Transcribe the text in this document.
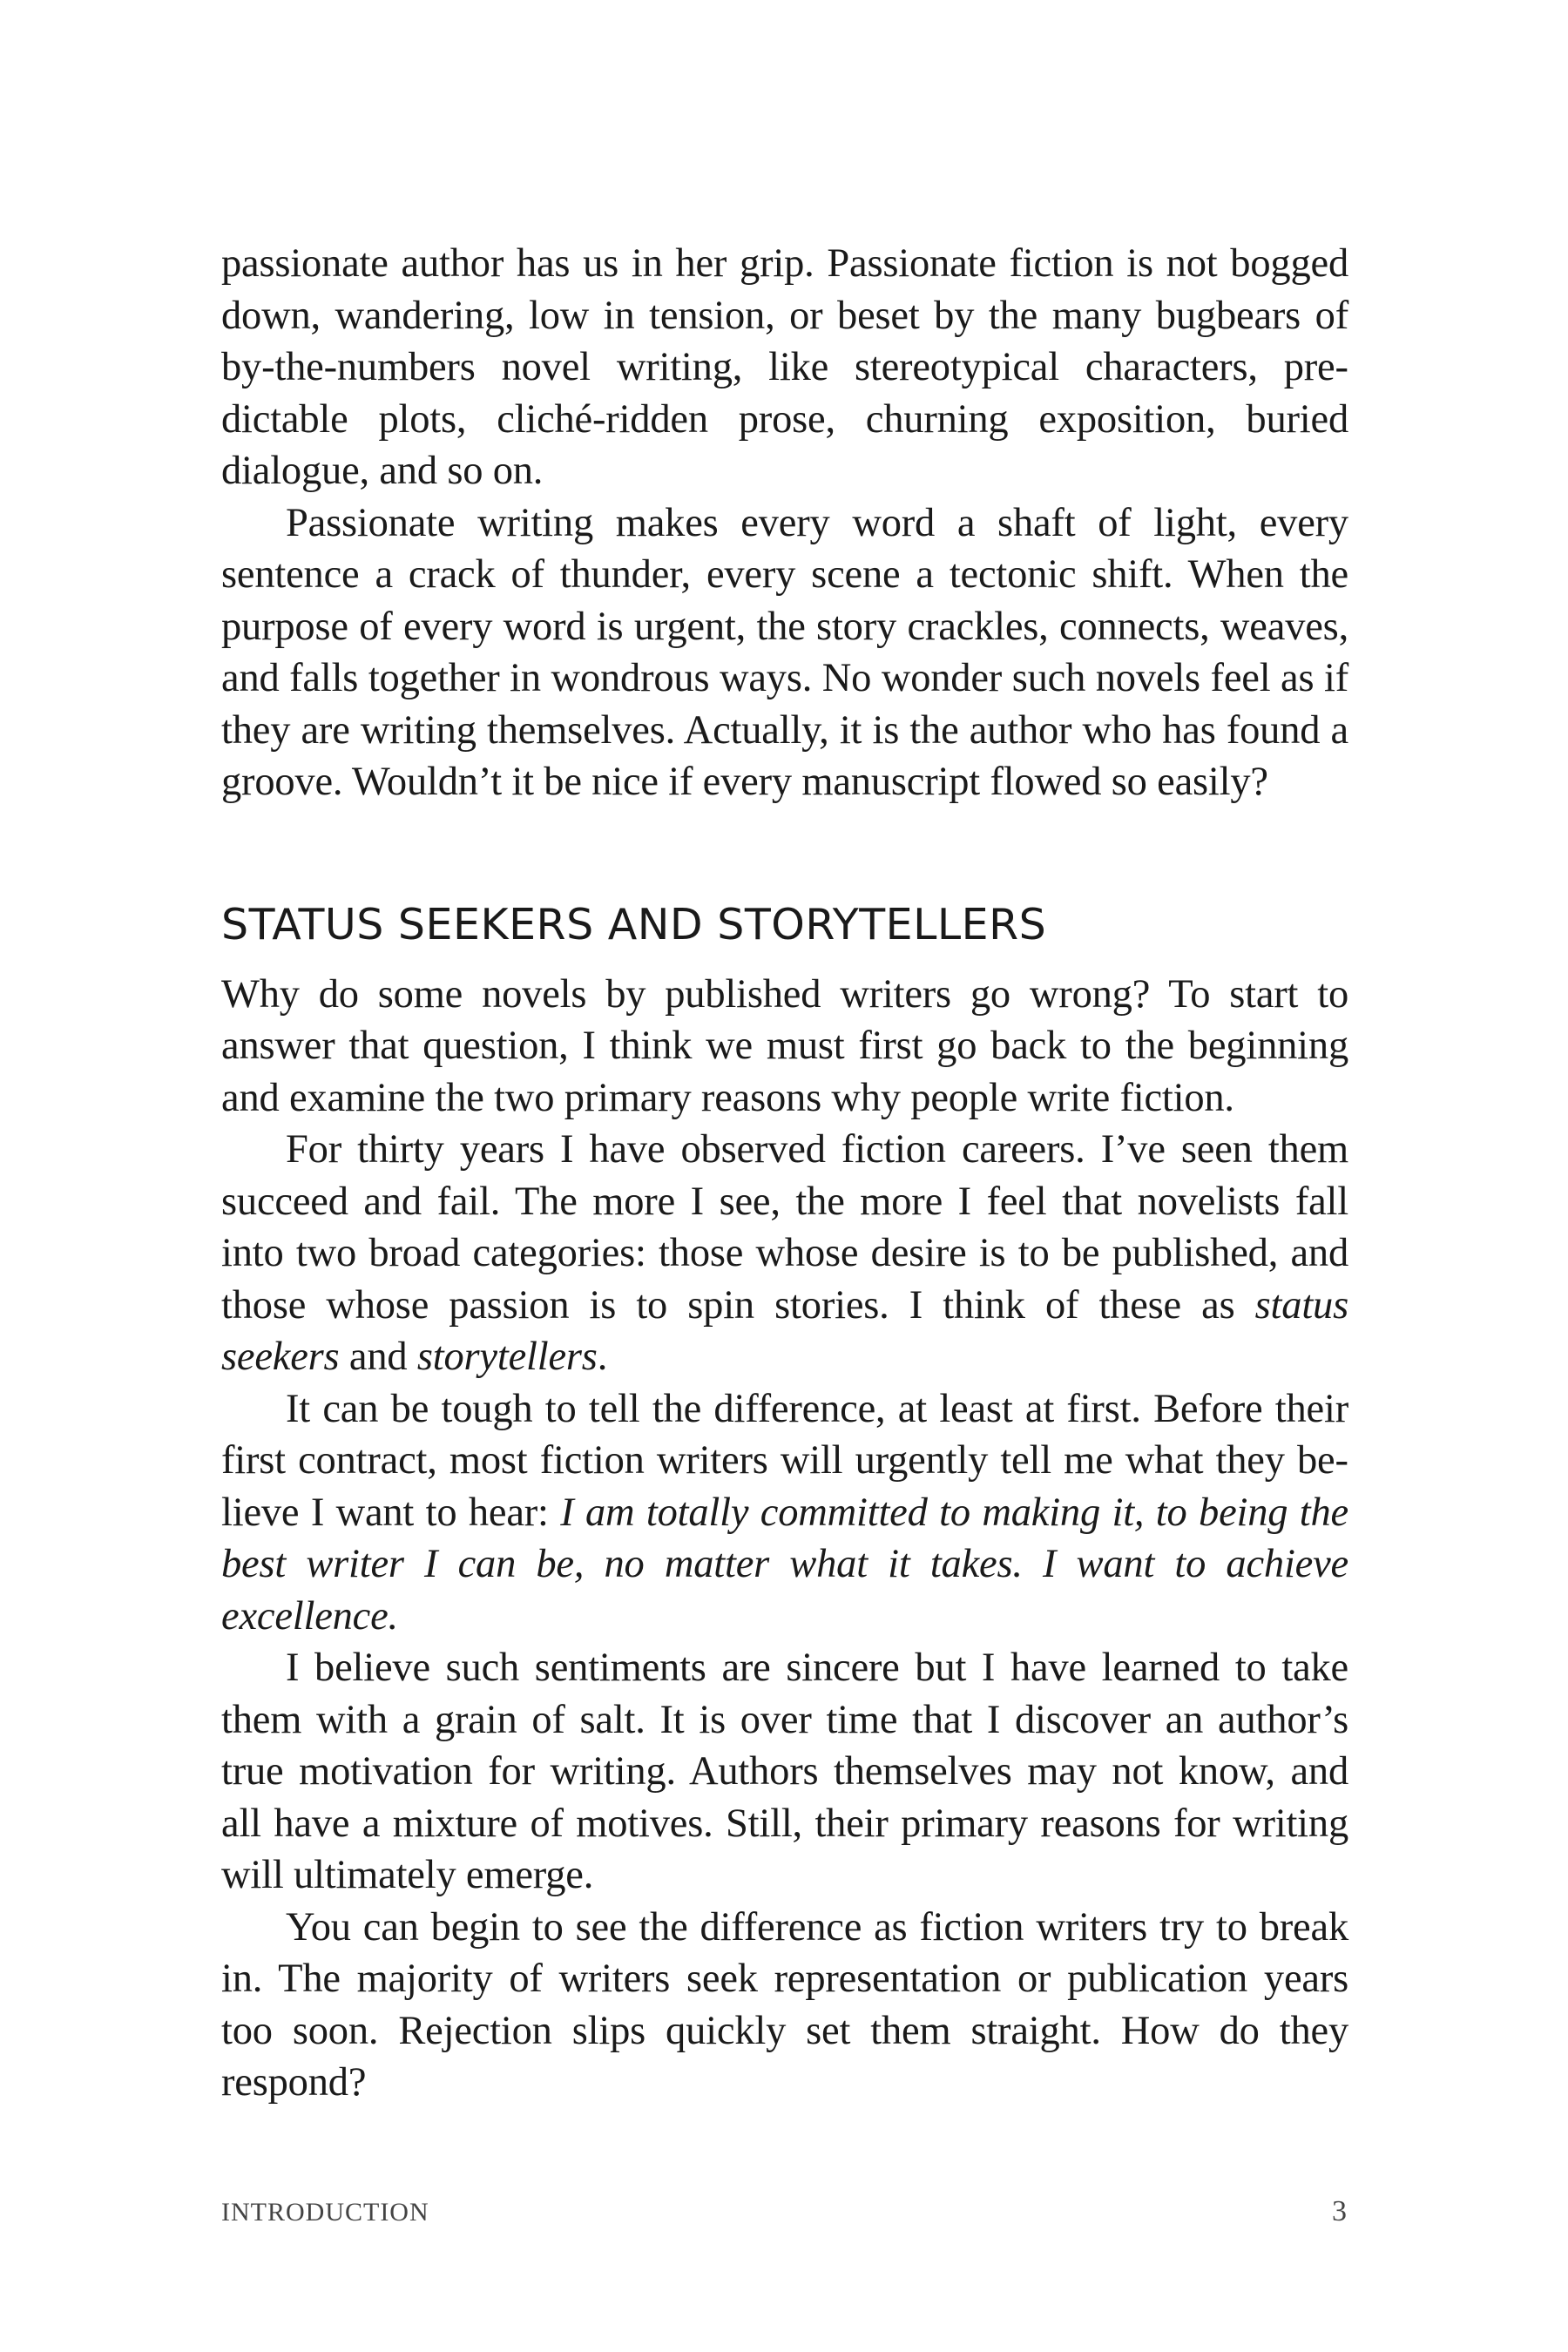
passionate author has us in her grip. Passionate fiction is not bogged down, wandering, low in tension, or beset by the many bugbears of by-the-numbers novel writing, like stereotypical characters, predictable plots, cliché-ridden prose, churning exposition, buried dialogue, and so on.

Passionate writing makes every word a shaft of light, every sentence a crack of thunder, every scene a tectonic shift. When the purpose of every word is urgent, the story crackles, connects, weaves, and falls together in wondrous ways. No wonder such novels feel as if they are writing themselves. Actually, it is the author who has found a groove. Wouldn’t it be nice if every manuscript flowed so easily?

STATUS SEEKERS AND STORYTELLERS

Why do some novels by published writers go wrong? To start to answer that question, I think we must first go back to the beginning and examine the two primary reasons why people write fiction.

For thirty years I have observed fiction careers. I’ve seen them succeed and fail. The more I see, the more I feel that novelists fall into two broad categories: those whose desire is to be published, and those whose passion is to spin stories. I think of these as status seekers and storytellers.

It can be tough to tell the difference, at least at first. Before their first contract, most fiction writers will urgently tell me what they believe I want to hear: I am totally committed to making it, to being the best writer I can be, no matter what it takes. I want to achieve excellence.

I believe such sentiments are sincere but I have learned to take them with a grain of salt. It is over time that I discover an author’s true motivation for writing. Authors themselves may not know, and all have a mixture of motives. Still, their primary reasons for writing will ultimately emerge.

You can begin to see the difference as fiction writers try to break in. The majority of writers seek representation or publication years too soon. Rejection slips quickly set them straight. How do they respond?

INTRODUCTION	3
